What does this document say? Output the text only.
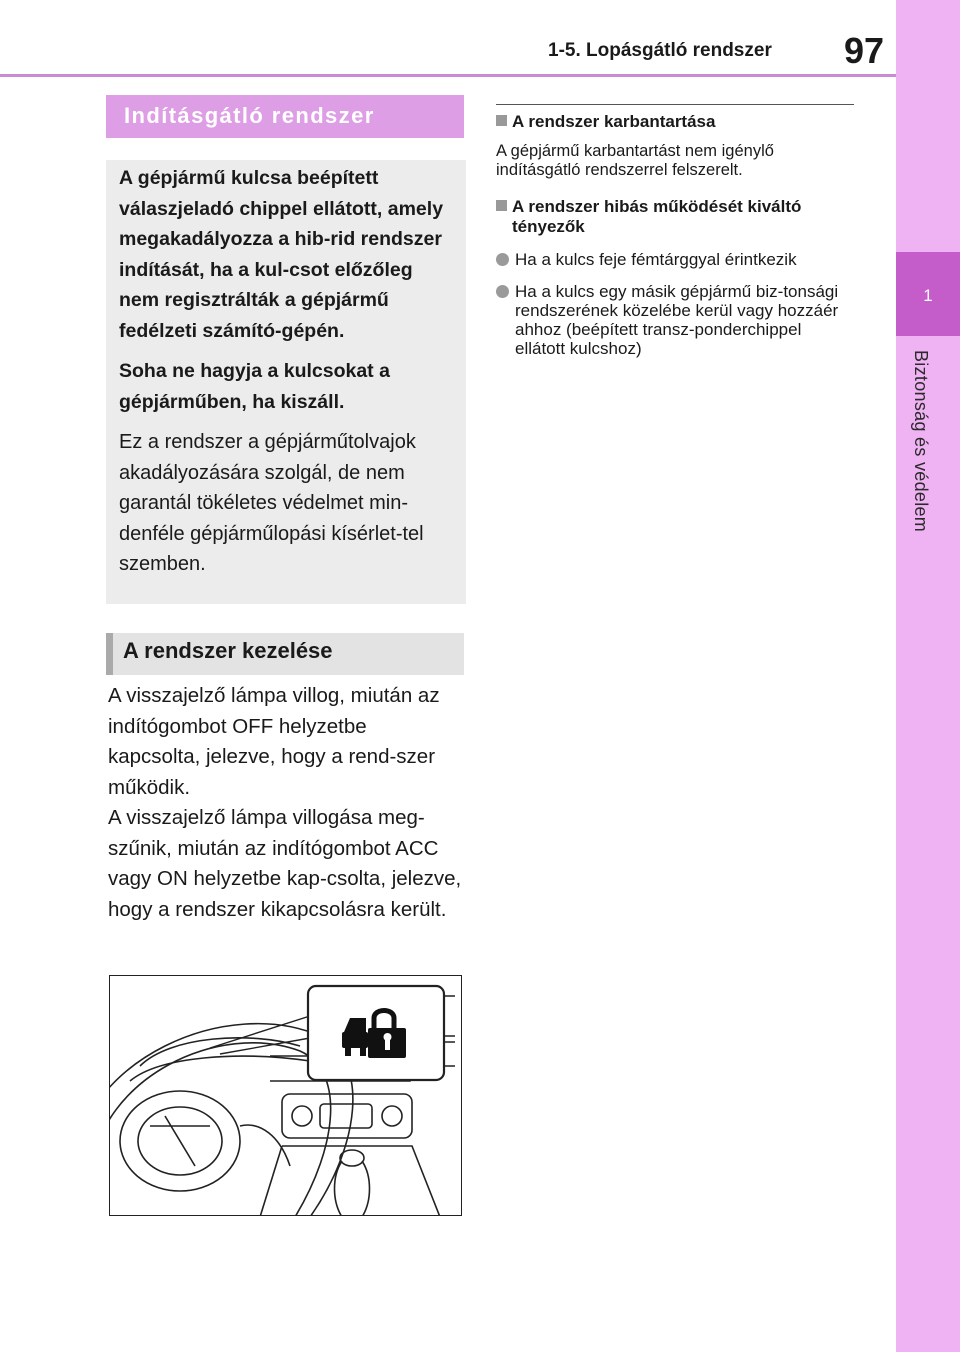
1-5. Lopásgátló rendszer 97
1
Biztonság és védelem
Indításgátló rendszer

A gépjármű kulcsa beépített válaszjeladó chippel ellátott, amely megakadályozza a hib-rid rendszer indítását, ha a kul-csot előzőleg nem regisztrálták a gépjármű fedélzeti számító-gépén.

Soha ne hagyja a kulcsokat a gépjárműben, ha kiszáll.

Ez a rendszer a gépjárműtolvajok akadályozására szolgál, de nem garantál tökéletes védelmet min-denféle gépjárműlopási kísérlet-tel szemben.

A rendszer kezelése

A visszajelző lámpa villog, miután az indítógombot OFF helyzetbe kapcsolta, jelezve, hogy a rend-szer működik.

A visszajelző lámpa villogása meg-szűnik, miután az indítógombot ACC vagy ON helyzetbe kap-csolta, jelezve, hogy a rendszer kikapcsolásra került.

A rendszer karbantartása
A gépjármű karbantartást nem igénylő indításgátló rendszerrel felszerelt.
A rendszer hibás működését kiváltó tényezők
Ha a kulcs feje fémtárggyal érintkezik
Ha a kulcs egy másik gépjármű biz-tonsági rendszerének közelébe kerül vagy hozzáér ahhoz (beépített transz-ponderchippel ellátott kulcshoz)
